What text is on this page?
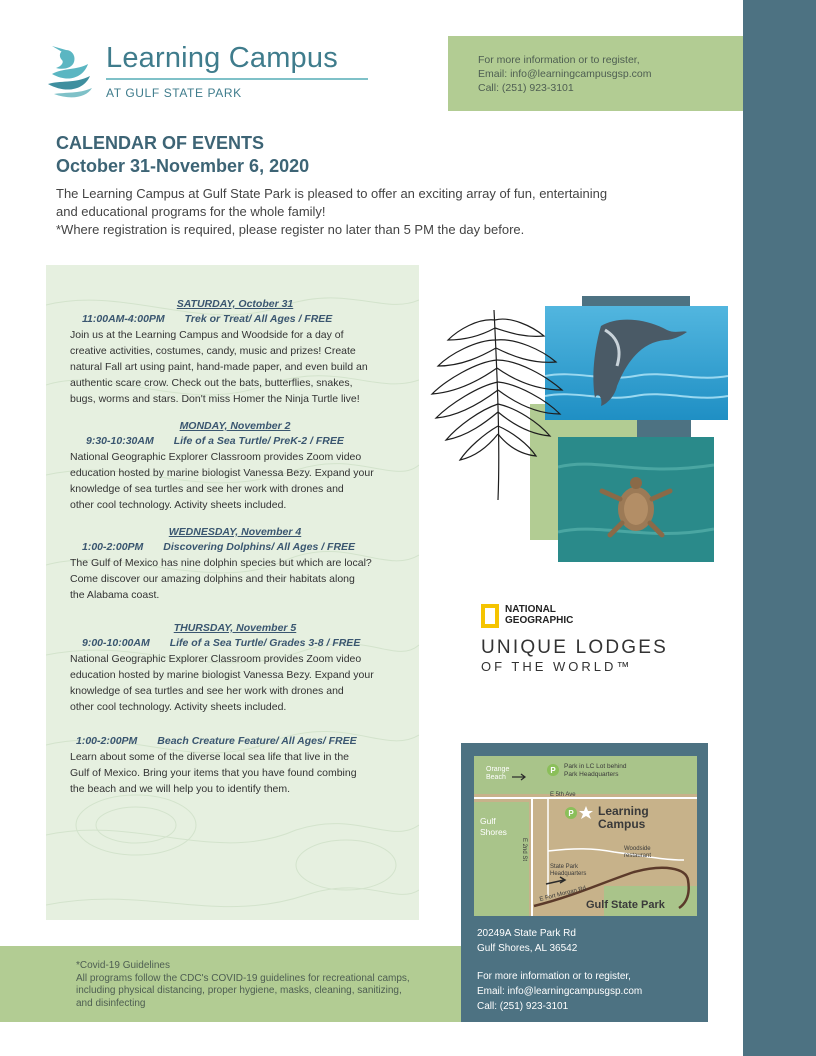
Learning Campus
AT GULF STATE PARK
For more information or to register,
Email: info@learningcampusgsp.com
Call: (251) 923-3101
CALENDAR OF EVENTS
October 31-November 6, 2020
The Learning Campus at Gulf State Park is pleased to offer an exciting array of fun, entertaining
and educational programs for the whole family!
*Where registration is required, please register no later than 5 PM the day before.
SATURDAY, October 31
11:00AM-4:00PM Trek or Treat/ All Ages / FREE
Join us at the Learning Campus and Woodside for a day of
creative activities, costumes, candy, music and prizes! Create
natural Fall art using paint, hand-made paper, and even build an
authentic scare crow. Check out the bats, butterflies, snakes,
bugs, worms and stars. Don't miss Homer the Ninja Turtle live!
MONDAY, November 2
9:30-10:30AM Life of a Sea Turtle/ PreK-2 / FREE
National Geographic Explorer Classroom provides Zoom video
education hosted by marine biologist Vanessa Bezy. Expand your
knowledge of sea turtles and see her work with drones and
other cool technology. Activity sheets included.
WEDNESDAY, November 4
1:00-2:00PM Discovering Dolphins/ All Ages / FREE
The Gulf of Mexico has nine dolphin species but which are local?
Come discover our amazing dolphins and their habitats along
the Alabama coast.
THURSDAY, November 5
9:00-10:00AM Life of a Sea Turtle/ Grades 3-8 / FREE
National Geographic Explorer Classroom provides Zoom video
education hosted by marine biologist Vanessa Bezy. Expand your
knowledge of sea turtles and see her work with drones and
other cool technology. Activity sheets included.
1:00-2:00PM Beach Creature Feature/ All Ages/ FREE
Learn about some of the diverse local sea life that live in the
Gulf of Mexico. Bring your items that you have found combing
the beach and we will help you to identify them.
NATIONAL
GEOGRAPHIC
UNIQUE LODGES
OF THE WORLD™
P
P
Orange
Beach
Park in LC Lot behind
Park Headquarters
E 5th Ave
Gulf
Shores
Learning
Campus
State Park
Headquarters
Woodside
restaurant
E Fort Morgan Rd
Gulf State Park
E 2nd St
20249A State Park Rd
Gulf Shores, AL 36542
For more information or to register,
Email: info@learningcampusgsp.com
Call: (251) 923-3101
*Covid-19 Guidelines
All programs follow the CDC's COVID-19 guidelines for recreational camps,
including physical distancing, proper hygiene, masks, cleaning, sanitizing,
and disinfecting
